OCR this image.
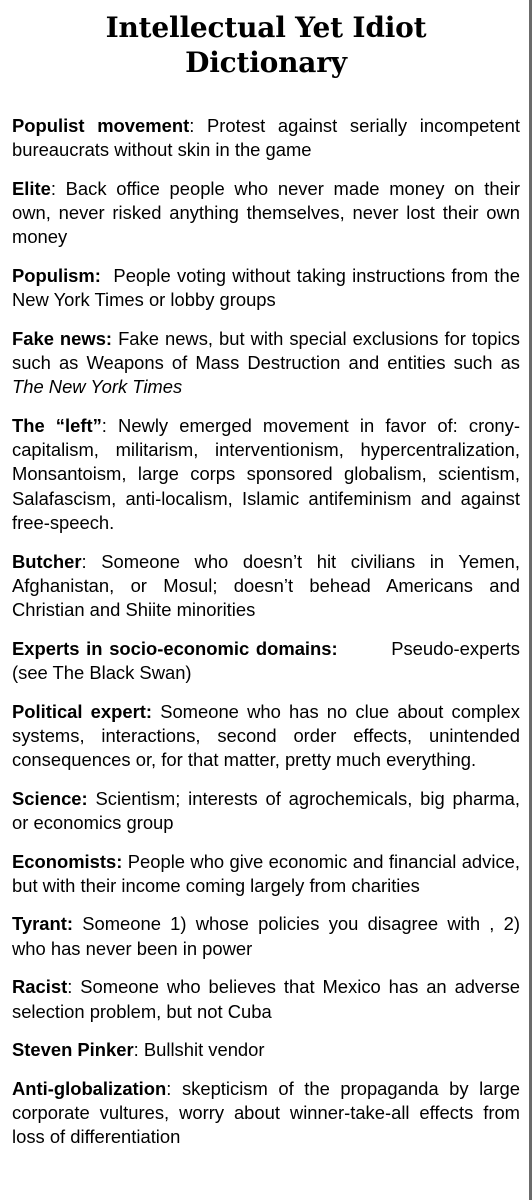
Intellectual Yet Idiot
Dictionary

Populist movement: Protest against serially incompetent bureaucrats without skin in the game

Elite: Back office people who never made money on their own, never risked anything themselves, never lost their own money

Populism: People voting without taking instructions from the New York Times or lobby groups

Fake news: Fake news, but with special exclusions for topics such as Weapons of Mass Destruction and entities such as The New York Times

The “left”: Newly emerged movement in favor of: crony-capitalism, militarism, interventionism, hypercentralization, Monsantoism, large corps sponsored globalism, scientism, Salafascism, anti-localism, Islamic antifeminism and against free-speech.

Butcher: Someone who doesn’t hit civilians in Yemen, Afghanistan, or Mosul; doesn’t behead Americans and Christian and Shiite minorities

Experts in socio-economic domains:	Pseudo-experts (see The Black Swan)

Political expert: Someone who has no clue about complex systems, interactions, second order effects, unintended consequences or, for that matter, pretty much everything.

Science: Scientism; interests of agrochemicals, big pharma, or economics group

Economists: People who give economic and financial advice, but with their income coming largely from charities

Tyrant: Someone 1) whose policies you disagree with , 2) who has never been in power

Racist: Someone who believes that Mexico has an adverse selection problem, but not Cuba

Steven Pinker: Bullshit vendor

Anti-globalization: skepticism of the propaganda by large corporate vultures, worry about winner-take-all effects from loss of differentiation
